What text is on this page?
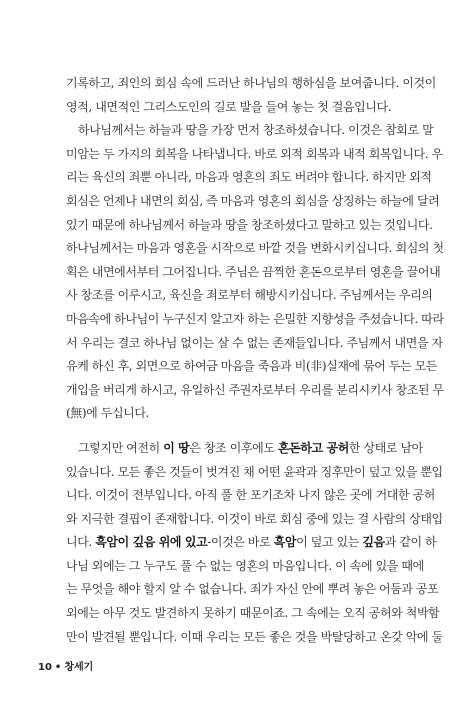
기록하고, 죄인의 회심 속에 드러난 하나님의 행하심을 보여줍니다. 이것이
영적, 내면적인 그리스도인의 길로 발을 들여 놓는 첫 걸음입니다.
하나님께서는 하늘과 땅을 가장 먼저 창조하셨습니다. 이것은 참회로 말
미암는 두 가지의 회복을 나타냅니다. 바로 외적 회복과 내적 회복입니다. 우
리는 육신의 죄뿐 아니라, 마음과 영혼의 죄도 버려야 합니다. 하지만 외적
회심은 언제나 내면의 회심, 즉 마음과 영혼의 회심을 상징하는 하늘에 달려
있기 때문에 하나님께서 하늘과 땅을 창조하셨다고 말하고 있는 것입니다.
하나님께서는 마음과 영혼을 시작으로 바깥 것을 변화시키십니다. 회심의 첫
획은 내면에서부터 그어집니다. 주님은 끔찍한 혼돈으로부터 영혼을 끌어내
사 창조를 이루시고, 육신을 죄로부터 해방시키십니다. 주님께서는 우리의
마음속에 하나님이 누구신지 알고자 하는 은밀한 지향성을 주셨습니다. 따라
서 우리는 결코 하나님 없이는 살 수 없는 존재들입니다. 주님께서 내면을 자
유케 하신 후, 외면으로 하여금 마음을 죽음과 비(非)실재에 묶어 두는 모든
개입을 버리게 하시고, 유일하신 주권자로부터 우리를 분리시키사 창조된 무
(無)에 두십니다.
그렇지만 여전히 이 땅은 창조 이후에도 혼돈하고 공허한 상태로 남아
있습니다. 모든 좋은 것들이 벗겨진 채 어떤 윤곽과 징후만이 덮고 있을 뿐입
니다. 이것이 전부입니다. 아직 풀 한 포기조차 나지 않은 곳에 거대한 공허
와 지극한 결핍이 존재합니다. 이것이 바로 회심 중에 있는 걸 사람의 상태입
니다. 흑암이 깊음 위에 있고-이것은 바로 흑암이 덮고 있는 깊음과 같이 하
나님 외에는 그 누구도 풀 수 없는 영혼의 마음입니다. 이 속에 있을 때에
는 무엇을 해야 할지 알 수 없습니다. 죄가 자신 안에 뿌려 놓은 어둠과 공포
외에는 아무 것도 발견하지 못하기 때문이죠. 그 속에는 오직 공허와 척박함
만이 발견될 뿐입니다. 이때 우리는 모든 좋은 것을 박탈당하고 온갖 악에 둘
10 • 창세기
